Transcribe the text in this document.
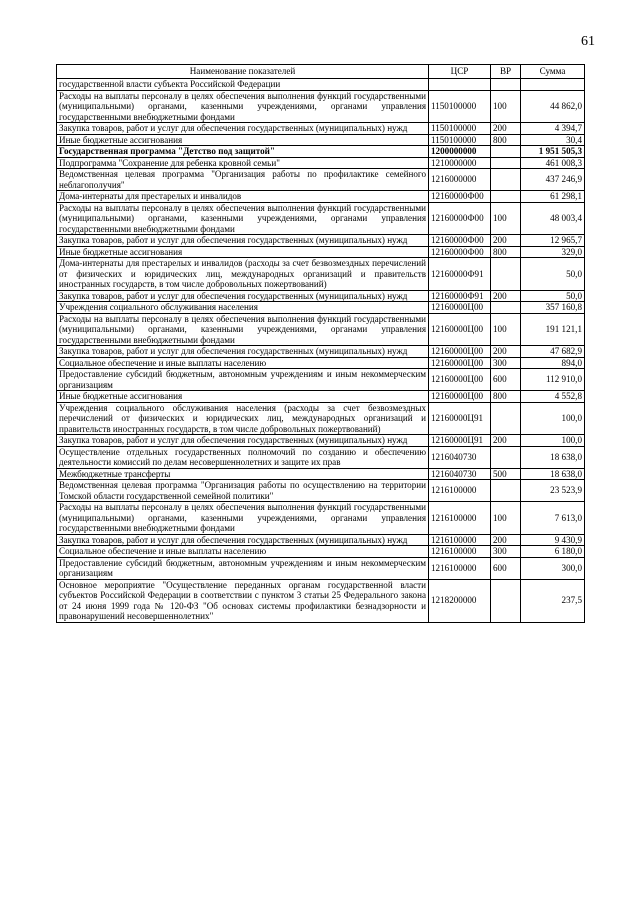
61
Наименование показателей	ЦСР	ВР	Сумма
государственной власти субъекта Российской Федерации			
Расходы на выплаты персоналу в целях обеспечения выполнения функций государственными (муниципальными) органами, казенными учреждениями, органами управления государственными внебюджетными фондами	1150100000	100	44 862,0
Закупка товаров, работ и услуг для обеспечения государственных (муниципальных) нужд	1150100000	200	4 394,7
Иные бюджетные ассигнования	1150100000	800	30,4
Государственная программа "Детство под защитой"	1200000000		1 951 505,3
Подпрограмма "Сохранение для ребенка кровной семьи"	1210000000		461 008,3
Ведомственная целевая программа "Организация работы по профилактике семейного неблагополучия"	1216000000		437 246,9
Дома-интернаты для престарелых и инвалидов	12160000Ф00		61 298,1
Расходы на выплаты персоналу в целях обеспечения выполнения функций государственными (муниципальными) органами, казенными учреждениями, органами управления государственными внебюджетными фондами	12160000Ф00	100	48 003,4
Закупка товаров, работ и услуг для обеспечения государственных (муниципальных) нужд	12160000Ф00	200	12 965,7
Иные бюджетные ассигнования	12160000Ф00	800	329,0
Дома-интернаты для престарелых и инвалидов (расходы за счет безвозмездных перечислений от физических и юридических лиц, международных организаций и правительств иностранных государств, в том числе добровольных пожертвований)	12160000Ф91		50,0
Закупка товаров, работ и услуг для обеспечения государственных (муниципальных) нужд	12160000Ф91	200	50,0
Учреждения социального обслуживания населения	12160000Ц00		357 160,8
Расходы на выплаты персоналу в целях обеспечения выполнения функций государственными (муниципальными) органами, казенными учреждениями, органами управления государственными внебюджетными фондами	12160000Ц00	100	191 121,1
Закупка товаров, работ и услуг для обеспечения государственных (муниципальных) нужд	12160000Ц00	200	47 682,9
Социальное обеспечение и иные выплаты населению	12160000Ц00	300	894,0
Предоставление субсидий бюджетным, автономным учреждениям и иным некоммерческим организациям	12160000Ц00	600	112 910,0
Иные бюджетные ассигнования	12160000Ц00	800	4 552,8
Учреждения социального обслуживания населения (расходы за счет безвозмездных перечислений от физических и юридических лиц, международных организаций и правительств иностранных государств, в том числе добровольных пожертвований)	12160000Ц91		100,0
Закупка товаров, работ и услуг для обеспечения государственных (муниципальных) нужд	12160000Ц91	200	100,0
Осуществление отдельных государственных полномочий по созданию и обеспечению деятельности комиссий по делам несовершеннолетних и защите их прав	1216040730		18 638,0
Межбюджетные трансферты	1216040730	500	18 638,0
Ведомственная целевая программа "Организация работы по осуществлению на территории Томской области государственной семейной политики"	1216100000		23 523,9
Расходы на выплаты персоналу в целях обеспечения выполнения функций государственными (муниципальными) органами, казенными учреждениями, органами управления государственными внебюджетными фондами	1216100000	100	7 613,0
Закупка товаров, работ и услуг для обеспечения государственных (муниципальных) нужд	1216100000	200	9 430,9
Социальное обеспечение и иные выплаты населению	1216100000	300	6 180,0
Предоставление субсидий бюджетным, автономным учреждениям и иным некоммерческим организациям	1216100000	600	300,0
Основное мероприятие "Осуществление переданных органам государственной власти субъектов Российской Федерации в соответствии с пунктом 3 статьи 25 Федерального закона от 24 июня 1999 года № 120-ФЗ "Об основах системы профилактики безнадзорности и правонарушений несовершеннолетних"	1218200000		237,5
